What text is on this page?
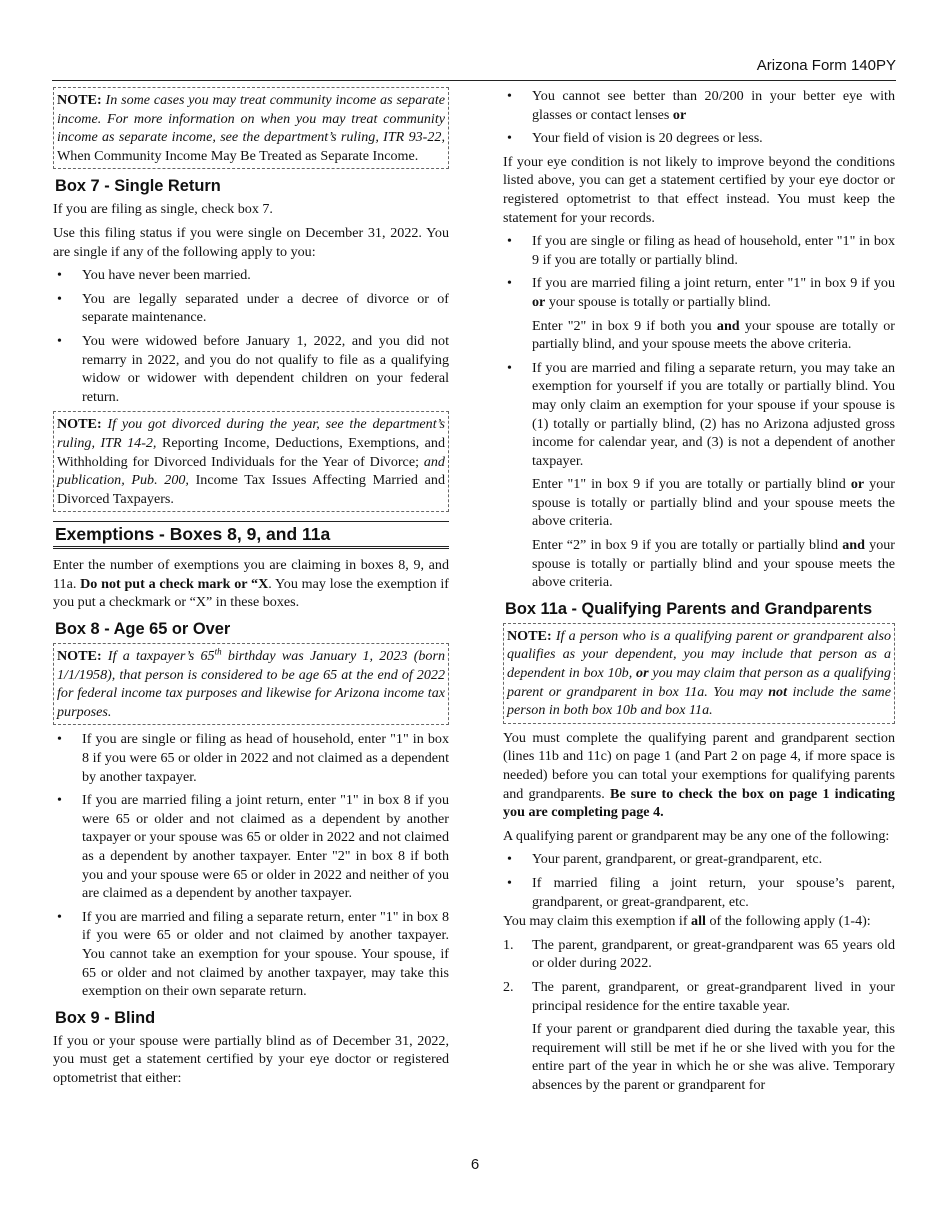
Arizona Form 140PY
NOTE: In some cases you may treat community income as separate income. For more information on when you may treat community income as separate income, see the department’s ruling, ITR 93-22, When Community Income May Be Treated as Separate Income.
Box 7 - Single Return

If you are filing as single, check box 7.

Use this filing status if you were single on December 31, 2022. You are single if any of the following apply to you:

• You have never been married.
• You are legally separated under a decree of divorce or of separate maintenance.
• You were widowed before January 1, 2022, and you did not remarry in 2022, and you do not qualify to file as a qualifying widow or widower with dependent children on your federal return.
NOTE: If you got divorced during the year, see the department’s ruling, ITR 14-2, Reporting Income, Deductions, Exemptions, and Withholding for Divorced Individuals for the Year of Divorce; and publication, Pub. 200, Income Tax Issues Affecting Married and Divorced Taxpayers.
Exemptions - Boxes 8, 9, and 11a

Enter the number of exemptions you are claiming in boxes 8, 9, and 11a. Do not put a check mark or “X. You may lose the exemption if you put a checkmark or “X” in these boxes.

Box 8 - Age 65 or Over
NOTE: If a taxpayer’s 65th birthday was January 1, 2023 (born 1/1/1958), that person is considered to be age 65 at the end of 2022 for federal income tax purposes and likewise for Arizona income tax purposes.
• If you are single or filing as head of household, enter "1" in box 8 if you were 65 or older in 2022 and not claimed as a dependent by another taxpayer.
• If you are married filing a joint return, enter "1" in box 8 if you were 65 or older and not claimed as a dependent by another taxpayer or your spouse was 65 or older in 2022 and not claimed as a dependent by another taxpayer. Enter "2" in box 8 if both you and your spouse were 65 or older in 2022 and neither of you are claimed as a dependent by another taxpayer.
• If you are married and filing a separate return, enter "1" in box 8 if you were 65 or older and not claimed by another taxpayer. You cannot take an exemption for your spouse. Your spouse, if 65 or older and not claimed by another taxpayer, may take this exemption on their own separate return.
Box 9 - Blind

If you or your spouse were partially blind as of December 31, 2022, you must get a statement certified by your eye doctor or registered optometrist that either:

• You cannot see better than 20/200 in your better eye with glasses or contact lenses or
• Your field of vision is 20 degrees or less.

If your eye condition is not likely to improve beyond the conditions listed above, you can get a statement certified by your eye doctor or registered optometrist to that effect instead. You must keep the statement for your records.

• If you are single or filing as head of household, enter "1" in box 9 if you are totally or partially blind.
• If you are married filing a joint return, enter "1" in box 9 if you or your spouse is totally or partially blind.

Enter "2" in box 9 if both you and your spouse are totally or partially blind, and your spouse meets the above criteria.

• If you are married and filing a separate return, you may take an exemption for yourself if you are totally or partially blind. You may only claim an exemption for your spouse if your spouse is (1) totally or partially blind, (2) has no Arizona adjusted gross income for calendar year, and (3) is not a dependent of another taxpayer.

Enter "1" in box 9 if you are totally or partially blind or your spouse is totally or partially blind and your spouse meets the above criteria.

Enter “2” in box 9 if you are totally or partially blind and your spouse is totally or partially blind and your spouse meets the above criteria.

Box 11a - Qualifying Parents and Grandparents
NOTE: If a person who is a qualifying parent or grandparent also qualifies as your dependent, you may include that person as a dependent in box 10b, or you may claim that person as a qualifying parent or grandparent in box 11a. You may not include the same person in both box 10b and box 11a.

You must complete the qualifying parent and grandparent section (lines 11b and 11c) on page 1 (and Part 2 on page 4, if more space is needed) before you can total your exemptions for qualifying parents and grandparents. Be sure to check the box on page 1 indicating you are completing page 4.

A qualifying parent or grandparent may be any one of the following:

• Your parent, grandparent, or great-grandparent, etc.
• If married filing a joint return, your spouse’s parent, grandparent, or great-grandparent, etc.

You may claim this exemption if all of the following apply (1-4):

1. The parent, grandparent, or great-grandparent was 65 years old or older during 2022.
2. The parent, grandparent, or great-grandparent lived in your principal residence for the entire taxable year.

If your parent or grandparent died during the taxable year, this requirement will still be met if he or she lived with you for the entire part of the year in which he or she was alive. Temporary absences by the parent or grandparent for

6
